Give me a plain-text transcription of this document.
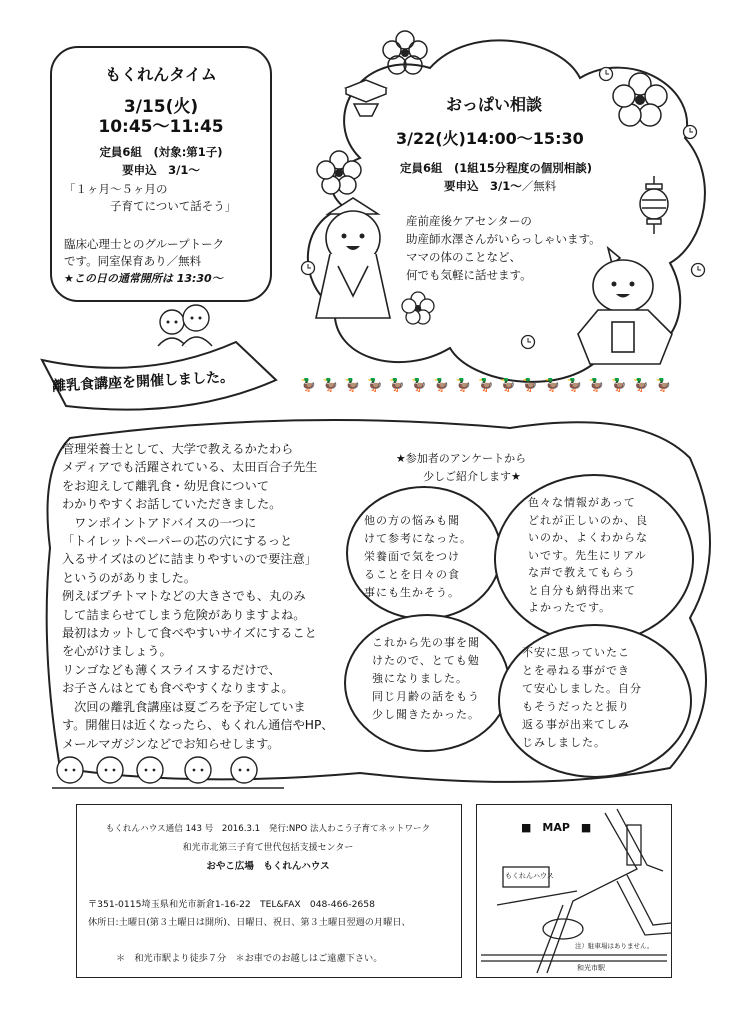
もくれんタイム
3/15(火)
10:45〜11:45
定員6組　(対象:第1子)
要申込　3/1〜
「１ヶ月〜５ヶ月の
子育てについて話そう」
臨床心理士とのグループトーク
です。同室保育あり／無料
★この日の通常開所は 13:30〜
おっぱい相談
3/22(火)14:00〜15:30
定員6組　(1組15分程度の個別相談)
要申込　3/1〜／無料
産前産後ケアセンターの
助産師水澤さんがいらっしゃいます。
ママの体のことなど、
何でも気軽に話せます。
離乳食講座を開催しました。	🦆🦆🦆🦆🦆🦆🦆🦆🦆🦆🦆🦆🦆🦆🦆🦆🦆
管理栄養士として、大学で教えるかたわら
メディアでも活躍されている、太田百合子先生
をお迎えして離乳食・幼児食について
わかりやすくお話していただきました。
　ワンポイントアドバイスの一つに
「トイレットペーパーの芯の穴にするっと
入るサイズはのどに詰まりやすいので要注意」
というのがありました。
例えばプチトマトなどの大きさでも、丸のみ
して詰まらせてしまう危険がありますよね。
最初はカットして食べやすいサイズにすること
を心がけましょう。
リンゴなども薄くスライスするだけで、
お子さんはとても食べやすくなりますよ。
　次回の離乳食講座は夏ごろを予定していま
す。開催日は近くなったら、もくれん通信やHP、
メールマガジンなどでお知らせします。
★参加者のアンケートから
少しご紹介します★
他の方の悩みも聞
けて参考になった。
栄養面で気をつけ
ることを日々の食
事にも生かそう。
色々な情報があって
どれが正しいのか、良
いのか、よくわからな
いです。先生にリアル
な声で教えてもらう
と自分も納得出来て
よかったです。
これから先の事を聞
けたので、とても勉
強になりました。
同じ月齢の話をもう
少し聞きたかった。
不安に思っていたこ
とを尋ねる事ができ
て安心しました。自分
もそうだったと振り
返る事が出来てしみ
じみしました。
もくれんハウス通信 143 号　2016.3.1　発行:NPO 法人わこう子育てネットワーク
和光市北第三子育て世代包括支援センター
おやこ広場　もくれんハウス
〒351-0115埼玉県和光市新倉1-16-22　TEL&FAX　048-466-2658
休所日:土曜日(第３土曜日は開所)、日曜日、祝日、第３土曜日翌週の月曜日、
＊　和光市駅より徒歩７分　＊お車でのお越しはご遠慮下さい。
■　MAP　■
もくれんハウス
注）駐車場はありません。
和光市駅
